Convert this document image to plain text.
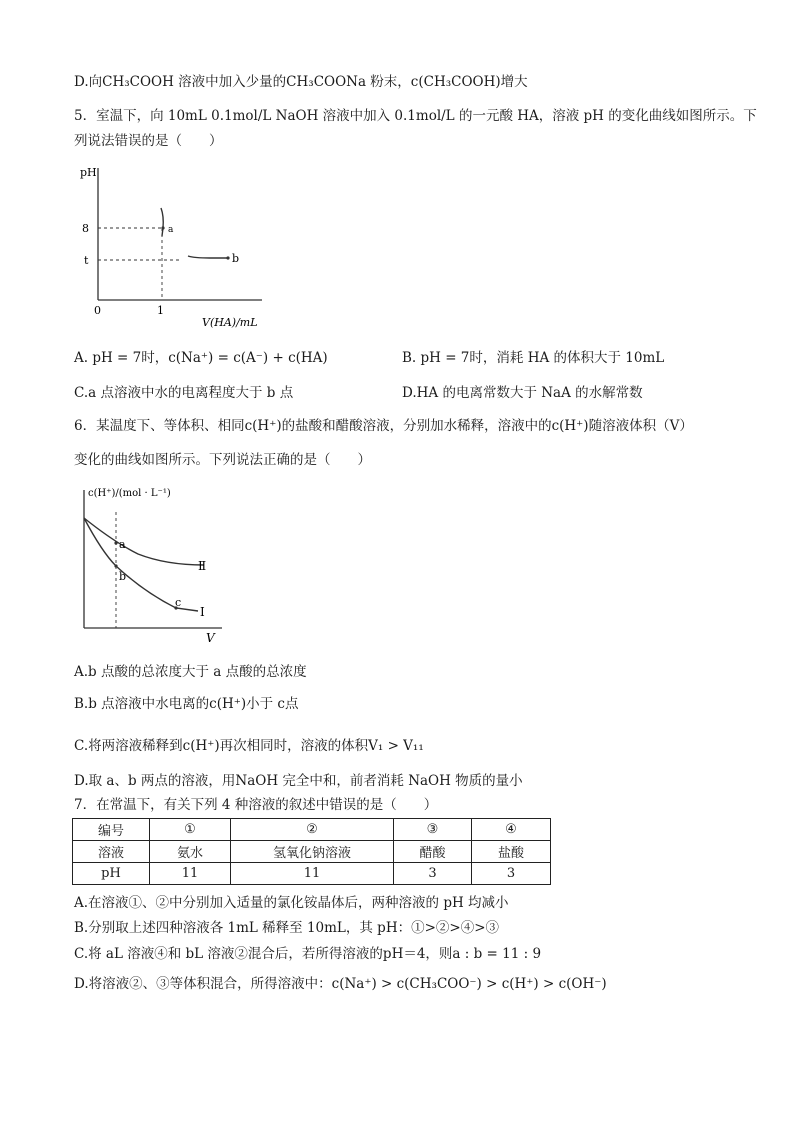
D.向CH₃COOH 溶液中加入少量的CH₃COONa 粉末，c(CH₃COOH)增大
5．室温下，向 10mL 0.1mol/L NaOH 溶液中加入 0.1mol/L 的一元酸 HA，溶液 pH 的变化曲线如图所示。下
列说法错误的是（　　）
pH
8
t
0	1
a
b
V(HA)/mL
A. pH = 7时，c(Na⁺) = c(A⁻) + c(HA)	B. pH = 7时，消耗 HA 的体积大于 10mL
C.a 点溶液中水的电离程度大于 b 点	D.HA 的电离常数大于 NaA 的水解常数
6．某温度下、等体积、相同c(H⁺)的盐酸和醋酸溶液，分别加水稀释，溶液中的c(H⁺)随溶液体积（V）
变化的曲线如图所示。下列说法正确的是（　　）
c(H⁺)/(mol · L⁻¹)
a
b
c
Ⅱ
Ⅰ
V
A.b 点酸的总浓度大于 a 点酸的总浓度
B.b 点溶液中水电离的c(H⁺)小于 c点
C.将两溶液稀释到c(H⁺)再次相同时，溶液的体积V₁ > V₁₁
D.取 a、b 两点的溶液，用NaOH 完全中和，前者消耗 NaOH 物质的量小
7．在常温下，有关下列 4 种溶液的叙述中错误的是（　　）
编号	①	②	③	④
溶液	氨水	氢氧化钠溶液	醋酸	盐酸
pH	11	11	3	3
A.在溶液①、②中分别加入适量的氯化铵晶体后，两种溶液的 pH 均减小
B.分别取上述四种溶液各 1mL 稀释至 10mL，其 pH：①>②>④>③
C.将 aL 溶液④和 bL 溶液②混合后，若所得溶液的pH＝4，则a : b = 11 : 9
D.将溶液②、③等体积混合，所得溶液中：c(Na⁺) > c(CH₃COO⁻) > c(H⁺) > c(OH⁻)
